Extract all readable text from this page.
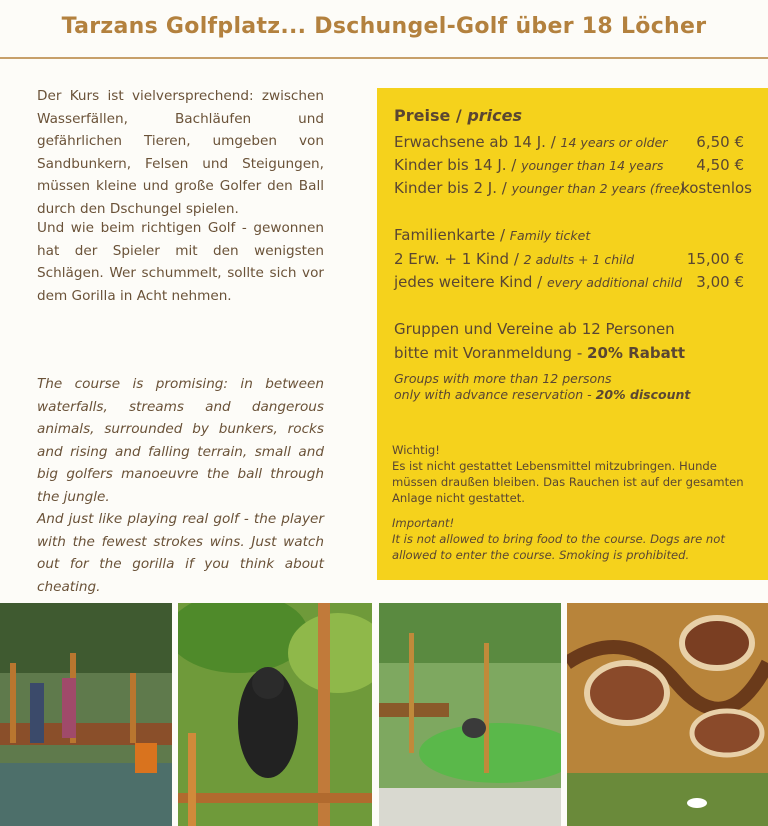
Tarzans Golfplatz... Dschungel-Golf über 18 Löcher

Der Kurs ist vielversprechend: zwischen Wasserfällen, Bachläufen und gefährlichen Tieren, umgeben von Sandbunkern, Felsen und Steigungen, müssen kleine und große Golfer den Ball durch den Dschungel spielen.

Und wie beim richtigen Golf - gewonnen hat der Spieler mit den wenigsten Schlägen. Wer schummelt, sollte sich vor dem Gorilla in Acht nehmen.

The course is promising: in between waterfalls, streams and dangerous animals, surrounded by bunkers, rocks and rising and falling terrain, small and big golfers manoeuvre the ball through the jungle.

And just like playing real golf - the player with the fewest strokes wins. Just watch out for the gorilla if you think about cheating.

Preise / prices
Erwachsene ab 14 J. / 14 years or older 6,50 €
Kinder bis 14 J. / younger than 14 years 4,50 €
Kinder bis 2 J. / younger than 2 years (free)
kostenlos
Familienkarte / Family ticket
2 Erw. + 1 Kind / 2 adults + 1 child	15,00 €
jedes weitere Kind / every additional child 3,00 €
Gruppen und Vereine ab 12 Personen
bitte mit Voranmeldung - 20% Rabatt
Groups with more than 12 persons
only with advance reservation - 20% discount
Wichtig!
Es ist nicht gestattet Lebensmittel mitzubringen. Hunde müssen draußen bleiben. Das Rauchen ist auf der gesamten Anlage nicht gestattet.
Important!
It is not allowed to bring food to the course. Dogs are not allowed to enter the course. Smoking is prohibited.
